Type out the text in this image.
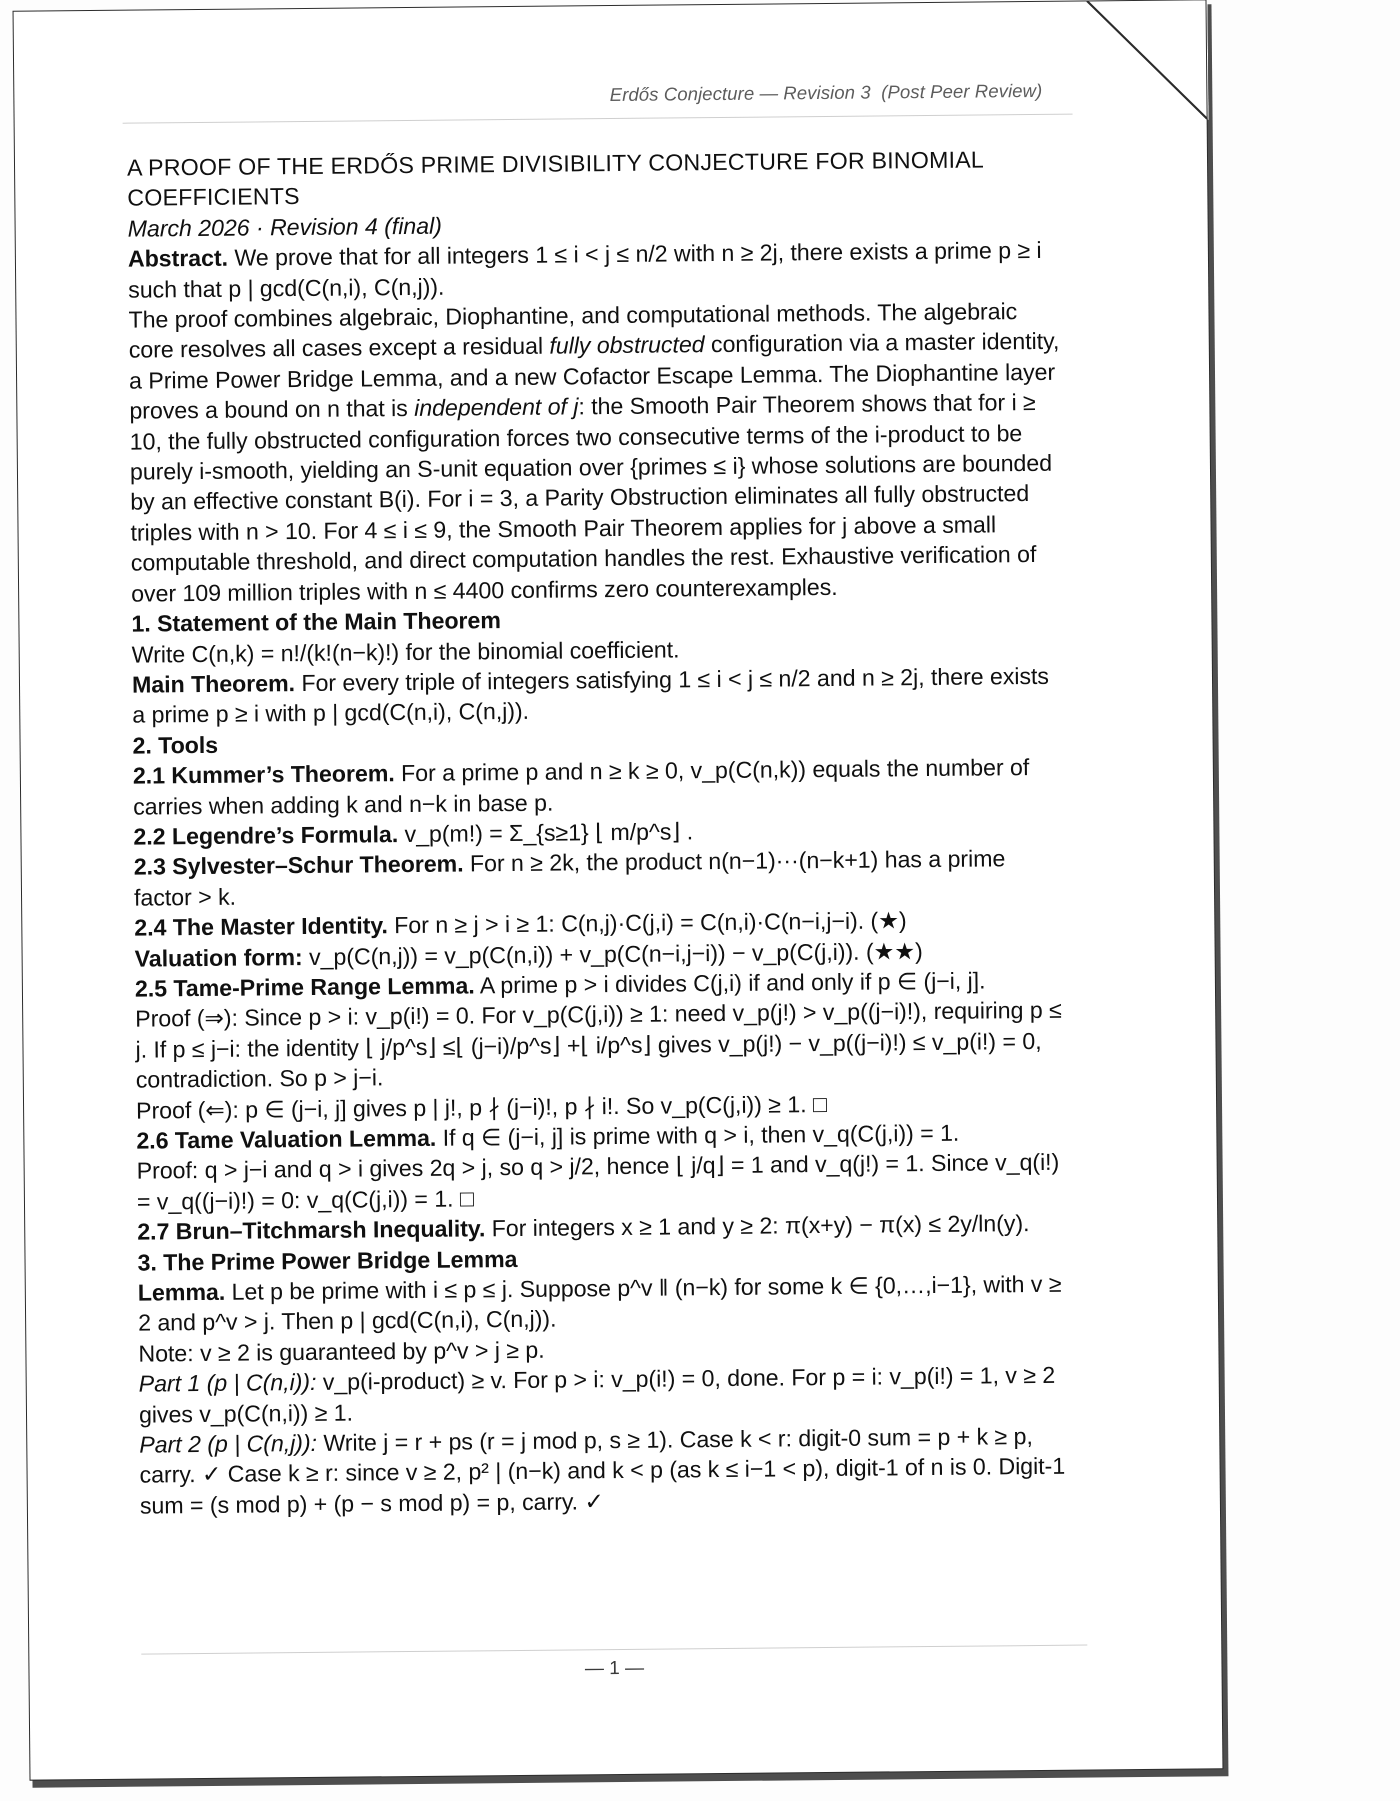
Erdős Conjecture — Revision 3  (Post Peer Review)

A PROOF OF THE ERDŐS PRIME DIVISIBILITY CONJECTURE FOR BINOMIAL COEFFICIENTS

March 2026 · Revision 4 (final)

Abstract. We prove that for all integers 1 ≤ i < j ≤ n/2 with n ≥ 2j, there exists a prime p ≥ i such that p | gcd(C(n,i), C(n,j)).

The proof combines algebraic, Diophantine, and computational methods. The algebraic core resolves all cases except a residual fully obstructed configuration via a master identity, a Prime Power Bridge Lemma, and a new Cofactor Escape Lemma. The Diophantine layer proves a bound on n that is independent of j: the Smooth Pair Theorem shows that for i ≥ 10, the fully obstructed configuration forces two consecutive terms of the i-product to be purely i-smooth, yielding an S-unit equation over {primes ≤ i} whose solutions are bounded by an effective constant B(i). For i = 3, a Parity Obstruction eliminates all fully obstructed triples with n > 10. For 4 ≤ i ≤ 9, the Smooth Pair Theorem applies for j above a small computable threshold, and direct computation handles the rest. Exhaustive verification of over 109 million triples with n ≤ 4400 confirms zero counterexamples.

1. Statement of the Main Theorem

Write C(n,k) = n!/(k!(n−k)!) for the binomial coefficient.

Main Theorem. For every triple of integers satisfying 1 ≤ i < j ≤ n/2 and n ≥ 2j, there exists a prime p ≥ i with p | gcd(C(n,i), C(n,j)).

2. Tools

2.1 Kummer’s Theorem. For a prime p and n ≥ k ≥ 0, v_p(C(n,k)) equals the number of carries when adding k and n−k in base p.

2.2 Legendre’s Formula. v_p(m!) = Σ_{s≥1} ⌊ m/p^s⌋ .

2.3 Sylvester–Schur Theorem. For n ≥ 2k, the product n(n−1)···(n−k+1) has a prime factor > k.

2.4 The Master Identity. For n ≥ j > i ≥ 1: C(n,j)·C(j,i) = C(n,i)·C(n−i,j−i). (★)

Valuation form: v_p(C(n,j)) = v_p(C(n,i)) + v_p(C(n−i,j−i)) − v_p(C(j,i)). (★★)

2.5 Tame-Prime Range Lemma. A prime p > i divides C(j,i) if and only if p ∈ (j−i, j].

Proof (⇒): Since p > i: v_p(i!) = 0. For v_p(C(j,i)) ≥ 1: need v_p(j!) > v_p((j−i)!), requiring p ≤ j. If p ≤ j−i: the identity ⌊ j/p^s⌋ ≤⌊ (j−i)/p^s⌋ +⌊ i/p^s⌋ gives v_p(j!) − v_p((j−i)!) ≤ v_p(i!) = 0, contradiction. So p > j−i.

Proof (⇐): p ∈ (j−i, j] gives p | j!, p ∤ (j−i)!, p ∤ i!. So v_p(C(j,i)) ≥ 1. □

2.6 Tame Valuation Lemma. If q ∈ (j−i, j] is prime with q > i, then v_q(C(j,i)) = 1.

Proof: q > j−i and q > i gives 2q > j, so q > j/2, hence ⌊ j/q⌋ = 1 and v_q(j!) = 1. Since v_q(i!) = v_q((j−i)!) = 0: v_q(C(j,i)) = 1. □

2.7 Brun–Titchmarsh Inequality. For integers x ≥ 1 and y ≥ 2: π(x+y) − π(x) ≤ 2y/ln(y).

3. The Prime Power Bridge Lemma

Lemma. Let p be prime with i ≤ p ≤ j. Suppose p^v ‖ (n−k) for some k ∈ {0,…,i−1}, with v ≥ 2 and p^v > j. Then p | gcd(C(n,i), C(n,j)).

Note: v ≥ 2 is guaranteed by p^v > j ≥ p.

Part 1 (p | C(n,i)): v_p(i-product) ≥ v. For p > i: v_p(i!) = 0, done. For p = i: v_p(i!) = 1, v ≥ 2 gives v_p(C(n,i)) ≥ 1.

Part 2 (p | C(n,j)): Write j = r + ps (r = j mod p, s ≥ 1). Case k < r: digit-0 sum = p + k ≥ p, carry. ✓ Case k ≥ r: since v ≥ 2, p² | (n−k) and k < p (as k ≤ i−1 < p), digit-1 of n is 0. Digit-1 sum = (s mod p) + (p − s mod p) = p, carry. ✓

— 1 —
